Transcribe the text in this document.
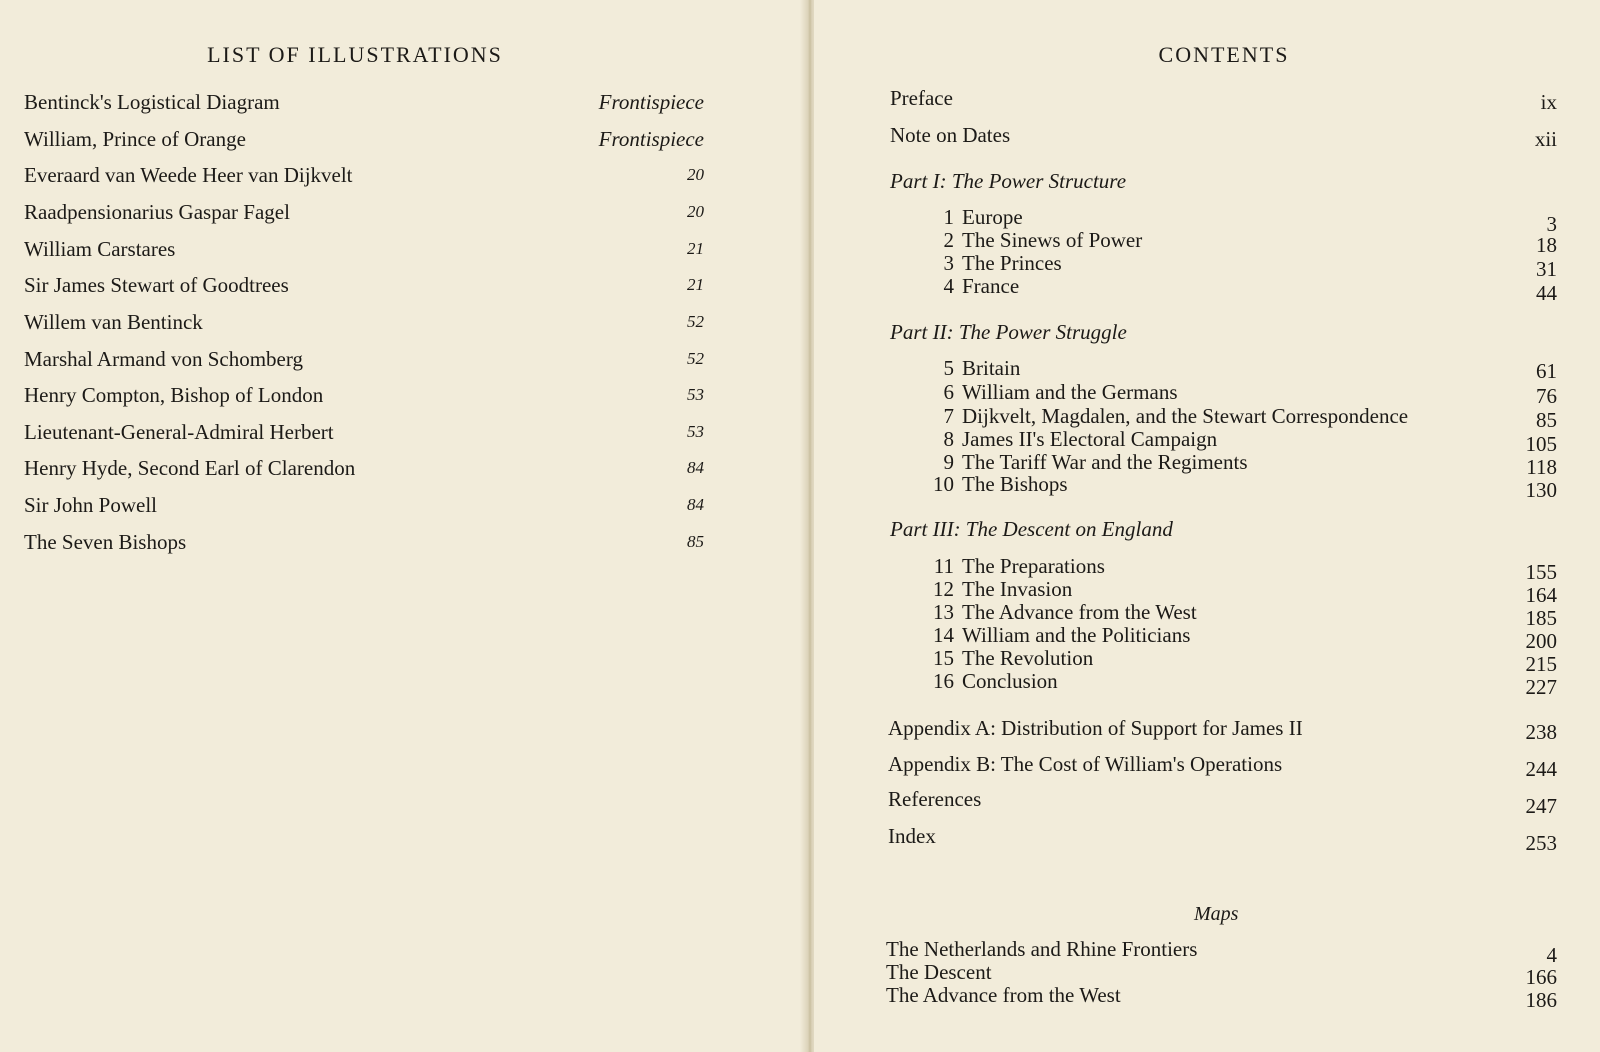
LIST OF ILLUSTRATIONS
Bentinck's Logistical Diagram	Frontispiece
William, Prince of Orange	Frontispiece
Everaard van Weede Heer van Dijkvelt	20
Raadpensionarius Gaspar Fagel	20
William Carstares	21
Sir James Stewart of Goodtrees	21
Willem van Bentinck	52
Marshal Armand von Schomberg	52
Henry Compton, Bishop of London	53
Lieutenant-General-Admiral Herbert	53
Henry Hyde, Second Earl of Clarendon	84
Sir John Powell	84
The Seven Bishops	85
CONTENTS
Preface	ix
Note on Dates	xii
Part I: The Power Structure
1 Europe	3
2 The Sinews of Power	18
3 The Princes	31
4 France	44
Part II: The Power Struggle
5 Britain	61
6 William and the Germans	76
7 Dijkvelt, Magdalen, and the Stewart Correspondence	85
8 James II's Electoral Campaign	105
9 The Tariff War and the Regiments	118
10 The Bishops	130
Part III: The Descent on England
11 The Preparations	155
12 The Invasion	164
13 The Advance from the West	185
14 William and the Politicians	200
15 The Revolution	215
16 Conclusion	227
Appendix A: Distribution of Support for James II	238
Appendix B: The Cost of William's Operations	244
References	247
Index	253
Maps
The Netherlands and Rhine Frontiers	4
The Descent	166
The Advance from the West	186
